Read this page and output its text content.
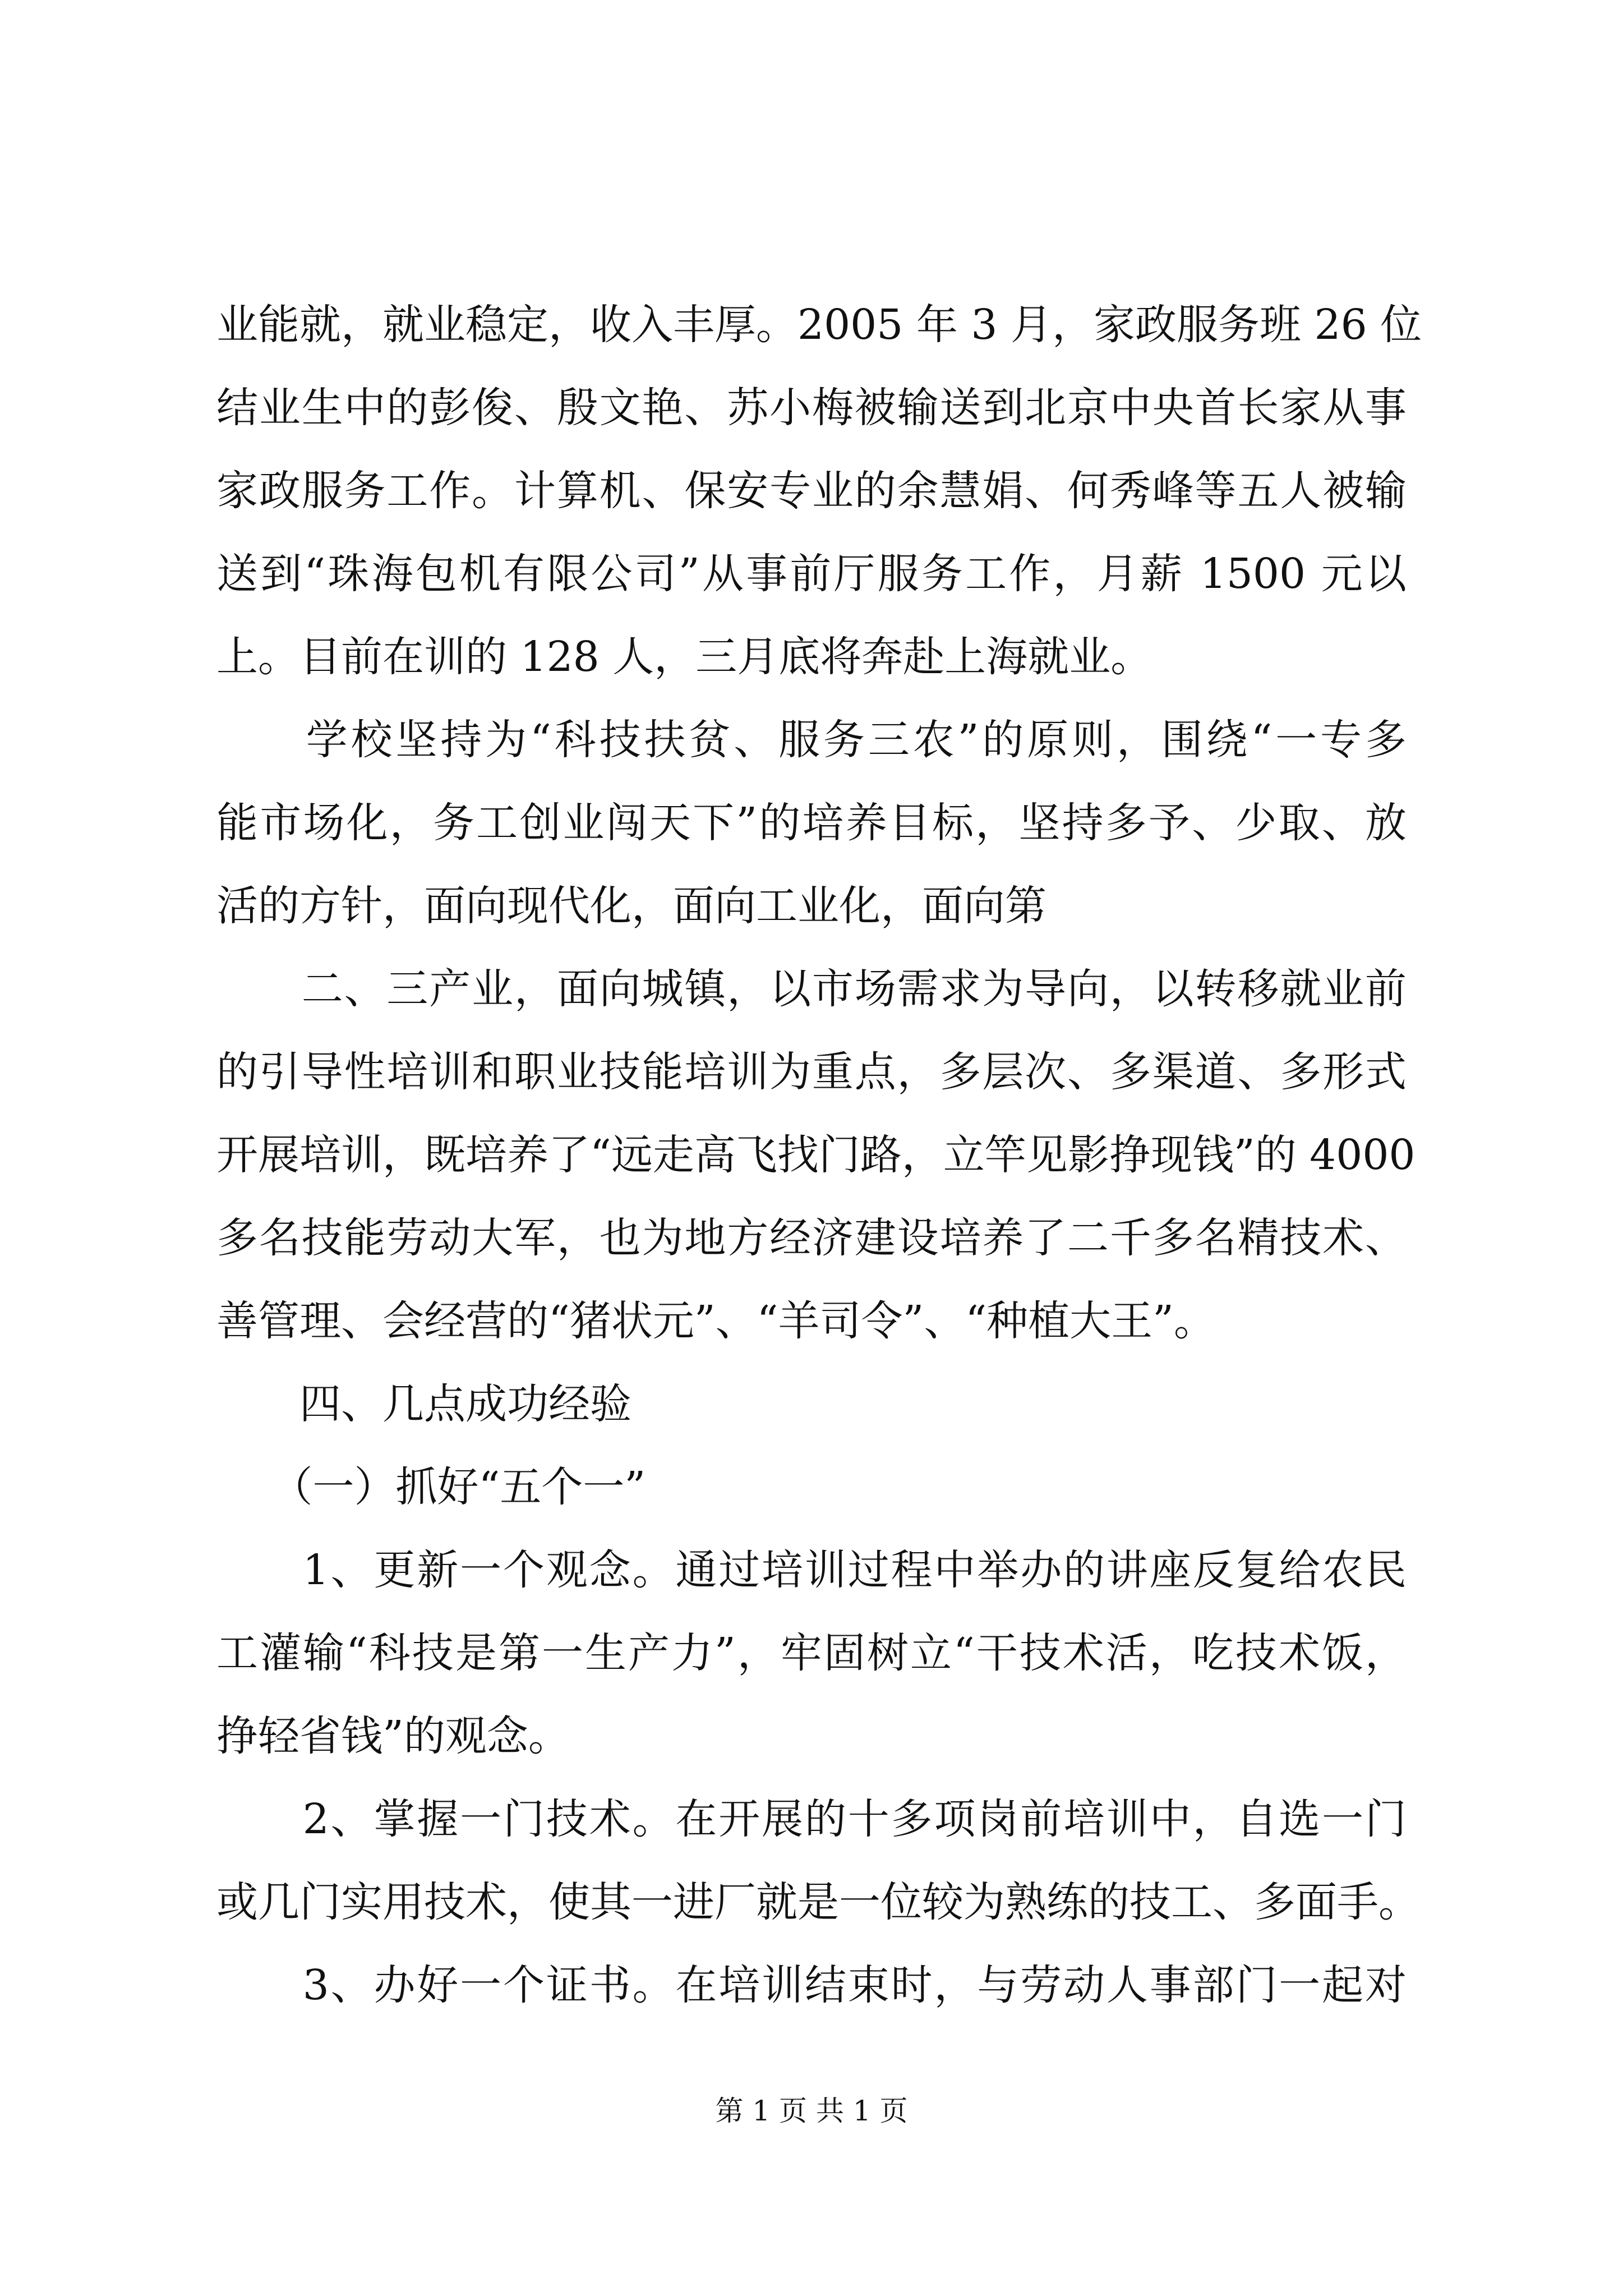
业能就，就业稳定，收入丰厚。2005 年 3 月，家政服务班 26 位
结业生中的彭俊、殷文艳、苏小梅被输送到北京中央首长家从事
家政服务工作。计算机、保安专业的余慧娟、何秀峰等五人被输
送到“珠海包机有限公司”从事前厅服务工作，月薪 1500 元以
上。目前在训的 128 人，三月底将奔赴上海就业。
　　学校坚持为“科技扶贫、服务三农”的原则，围绕“一专多
能市场化，务工创业闯天下”的培养目标，坚持多予、少取、放
活的方针，面向现代化，面向工业化，面向第
　　二、三产业，面向城镇，以市场需求为导向，以转移就业前
的引导性培训和职业技能培训为重点，多层次、多渠道、多形式
开展培训，既培养了“远走高飞找门路，立竿见影挣现钱”的 4000
多名技能劳动大军，也为地方经济建设培养了二千多名精技术、
善管理、会经营的“猪状元”、“羊司令”、“种植大王”。
　　四、几点成功经验
　 （一）抓好“五个一”
　　1、更新一个观念。通过培训过程中举办的讲座反复给农民
工灌输“科技是第一生产力”，牢固树立“干技术活，吃技术饭，
挣轻省钱”的观念。
　　2、掌握一门技术。在开展的十多项岗前培训中，自选一门
或几门实用技术，使其一进厂就是一位较为熟练的技工、多面手。
　　3、办好一个证书。在培训结束时，与劳动人事部门一起对
第 1 页 共 1 页
